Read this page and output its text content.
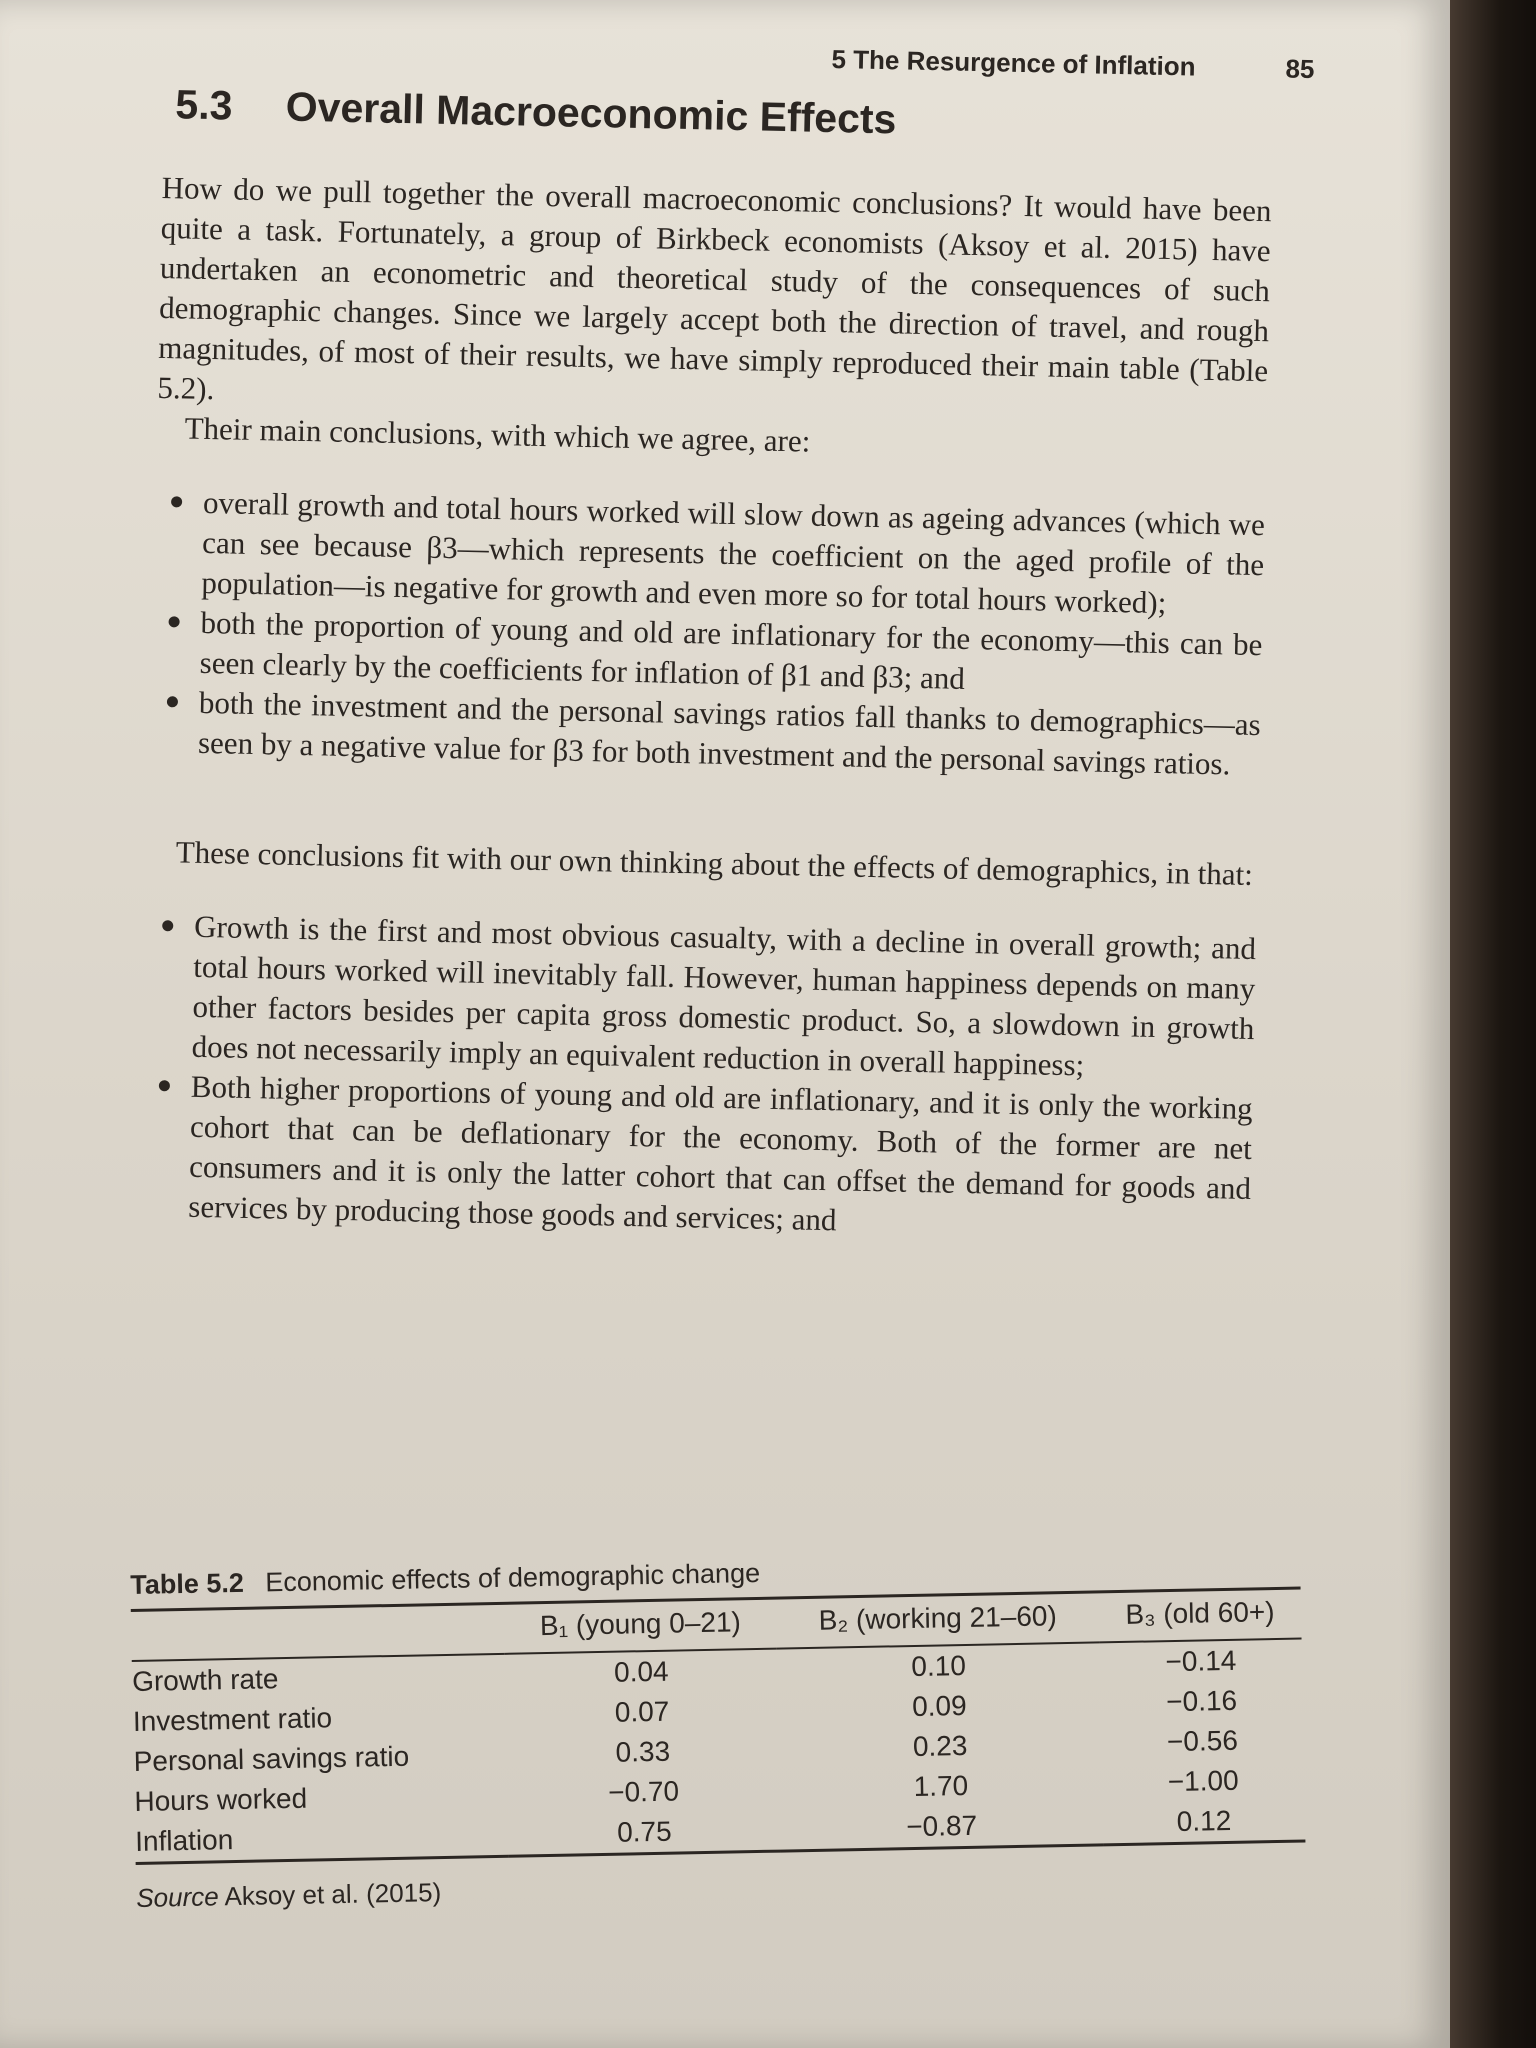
5 The Resurgence of Inflation	85
5.3 Overall Macroeconomic Effects

How do we pull together the overall macroeconomic conclusions? It would have been quite a task. Fortunately, a group of Birkbeck economists (Aksoy et al. 2015) have undertaken an econometric and theoretical study of the consequences of such demographic changes. Since we largely accept both the direction of travel, and rough magnitudes, of most of their results, we have simply reproduced their main table (Table 5.2).

Their main conclusions, with which we agree, are:

overall growth and total hours worked will slow down as ageing advances (which we can see because β3—which represents the coefficient on the aged profile of the population—is negative for growth and even more so for total hours worked);
both the proportion of young and old are inflationary for the economy—this can be seen clearly by the coefficients for inflation of β1 and β3; and
both the investment and the personal savings ratios fall thanks to demographics—as seen by a negative value for β3 for both investment and the personal savings ratios.

These conclusions fit with our own thinking about the effects of demographics, in that:

Growth is the first and most obvious casualty, with a decline in overall growth; and total hours worked will inevitably fall. However, human happiness depends on many other factors besides per capita gross domestic product. So, a slowdown in growth does not necessarily imply an equivalent reduction in overall happiness;
Both higher proportions of young and old are inflationary, and it is only the working cohort that can be deflationary for the economy. Both of the former are net consumers and it is only the latter cohort that can offset the demand for goods and services by producing those goods and services; and
Table 5.2 Economic effects of demographic change
	B₁ (young 0–21)	B₂ (working 21–60)	B₃ (old 60+)
Growth rate	0.04	0.10	−0.14
Investment ratio	0.07	0.09	−0.16
Personal savings ratio	0.33	0.23	−0.56
Hours worked	−0.70	1.70	−1.00
Inflation	0.75	−0.87	0.12
Source Aksoy et al. (2015)
